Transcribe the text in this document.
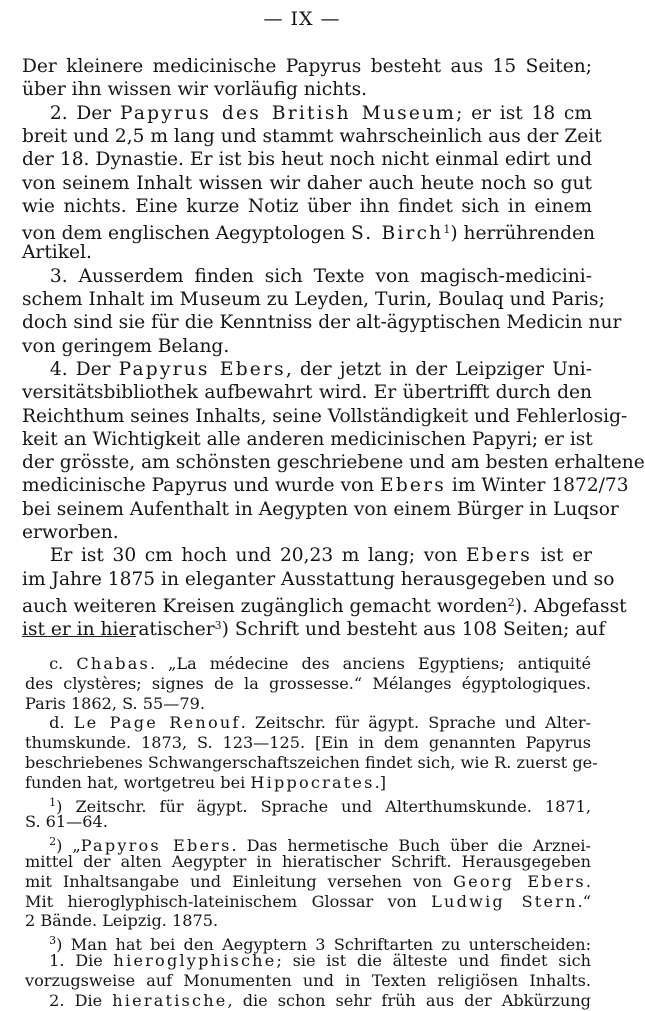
— IX —
Der kleinere medicinische Papyrus besteht aus 15 Seiten;
über ihn wissen wir vorläufig nichts.
  2. Der Papyrus des British Museum; er ist 18 cm
breit und 2,5 m lang und stammt wahrscheinlich aus der Zeit
der 18. Dynastie. Er ist bis heut noch nicht einmal edirt und
von seinem Inhalt wissen wir daher auch heute noch so gut
wie nichts. Eine kurze Notiz über ihn findet sich in einem
von dem englischen Aegyptologen S. Birch$^1$) herrührenden
Artikel.
  3. Ausserdem finden sich Texte von magisch-medicini-
schem Inhalt im Museum zu Leyden, Turin, Boulaq und Paris;
doch sind sie für die Kenntniss der alt-ägyptischen Medicin nur
von geringem Belang.
  4. Der Papyrus Ebers, der jetzt in der Leipziger Uni-
versitätsbibliothek aufbewahrt wird. Er übertrifft durch den
Reichthum seines Inhalts, seine Vollständigkeit und Fehlerlosig-
keit an Wichtigkeit alle anderen medicinischen Papyri; er ist
der grösste, am schönsten geschriebene und am besten erhaltene
medicinische Papyrus und wurde von Ebers im Winter 1872/73
bei seinem Aufenthalt in Aegypten von einem Bürger in Luqsor
erworben.
  Er ist 30 cm hoch und 20,23 m lang; von Ebers ist er
im Jahre 1875 in eleganter Ausstattung herausgegeben und so
auch weiteren Kreisen zugänglich gemacht worden$^2$). Abgefasst
ist er in hieratischer$^3$) Schrift und besteht aus 108 Seiten; auf
  c. Chabas. „La médecine des anciens Egyptiens; antiquité
des clystères; signes de la grossesse.“ Mélanges égyptologiques.
Paris 1862, S. 55—79.
  d. Le Page Renouf. Zeitschr. für ägypt. Sprache und Alter-
thumskunde. 1873, S. 123—125. [Ein in dem genannten Papyrus
beschriebenes Schwangerschaftszeichen findet sich, wie R. zuerst ge-
funden hat, wortgetreu bei Hippocrates.]
  $^1$) Zeitschr. für ägypt. Sprache und Alterthumskunde. 1871,
S. 61—64.
  $^2$) „Papyros Ebers. Das hermetische Buch über die Arznei-
mittel der alten Aegypter in hieratischer Schrift. Herausgegeben
mit Inhaltsangabe und Einleitung versehen von Georg Ebers.
Mit hieroglyphisch-lateinischem Glossar von Ludwig Stern.“
2 Bände. Leipzig. 1875.
  $^3$) Man hat bei den Aegyptern 3 Schriftarten zu unterscheiden:
  1. Die hieroglyphische; sie ist die älteste und findet sich
vorzugsweise auf Monumenten und in Texten religiösen Inhalts.
  2. Die hieratische, die schon sehr früh aus der Abkürzung
